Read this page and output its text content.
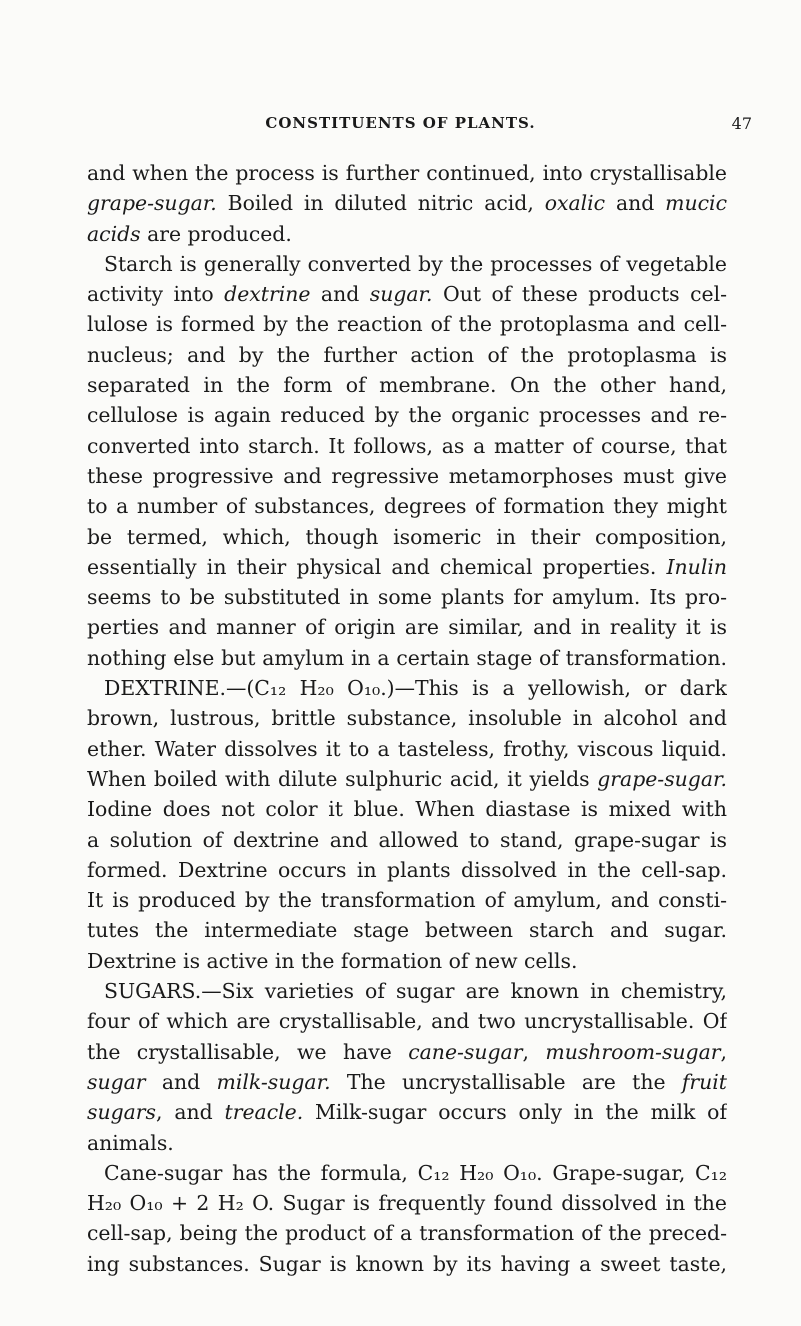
CONSTITUENTS OF PLANTS.	47
and when the process is further continued, into crystallisable
grape-sugar. Boiled in diluted nitric acid, oxalic and mucic
acids are produced.
Starch is generally converted by the processes of vegetable
activity into dextrine and sugar. Out of these products cel-
lulose is formed by the reaction of the protoplasma and cell-
nucleus; and by the further action of the protoplasma is
separated in the form of membrane. On the other hand,
cellulose is again reduced by the organic processes and re-
converted into starch. It follows, as a matter of course, that
these progressive and regressive metamorphoses must give
to a number of substances, degrees of formation they might
be termed, which, though isomeric in their composition,
essentially in their physical and chemical properties. Inulin
seems to be substituted in some plants for amylum. Its pro-
perties and manner of origin are similar, and in reality it is
nothing else but amylum in a certain stage of transformation.
DEXTRINE.—(C₁₂ H₂₀ O₁₀.)—This is a yellowish, or dark
brown, lustrous, brittle substance, insoluble in alcohol and
ether. Water dissolves it to a tasteless, frothy, viscous liquid.
When boiled with dilute sulphuric acid, it yields grape-sugar.
Iodine does not color it blue. When diastase is mixed with
a solution of dextrine and allowed to stand, grape-sugar is
formed. Dextrine occurs in plants dissolved in the cell-sap.
It is produced by the transformation of amylum, and consti-
tutes the intermediate stage between starch and sugar.
Dextrine is active in the formation of new cells.
SUGARS.—Six varieties of sugar are known in chemistry,
four of which are crystallisable, and two uncrystallisable. Of
the crystallisable, we have cane-sugar, mushroom-sugar,
sugar and milk-sugar. The uncrystallisable are the fruit
sugars, and treacle. Milk-sugar occurs only in the milk of
animals.
Cane-sugar has the formula, C₁₂ H₂₀ O₁₀. Grape-sugar, C₁₂
H₂₀ O₁₀ + 2 H₂ O. Sugar is frequently found dissolved in the
cell-sap, being the product of a transformation of the preced-
ing substances. Sugar is known by its having a sweet taste,
